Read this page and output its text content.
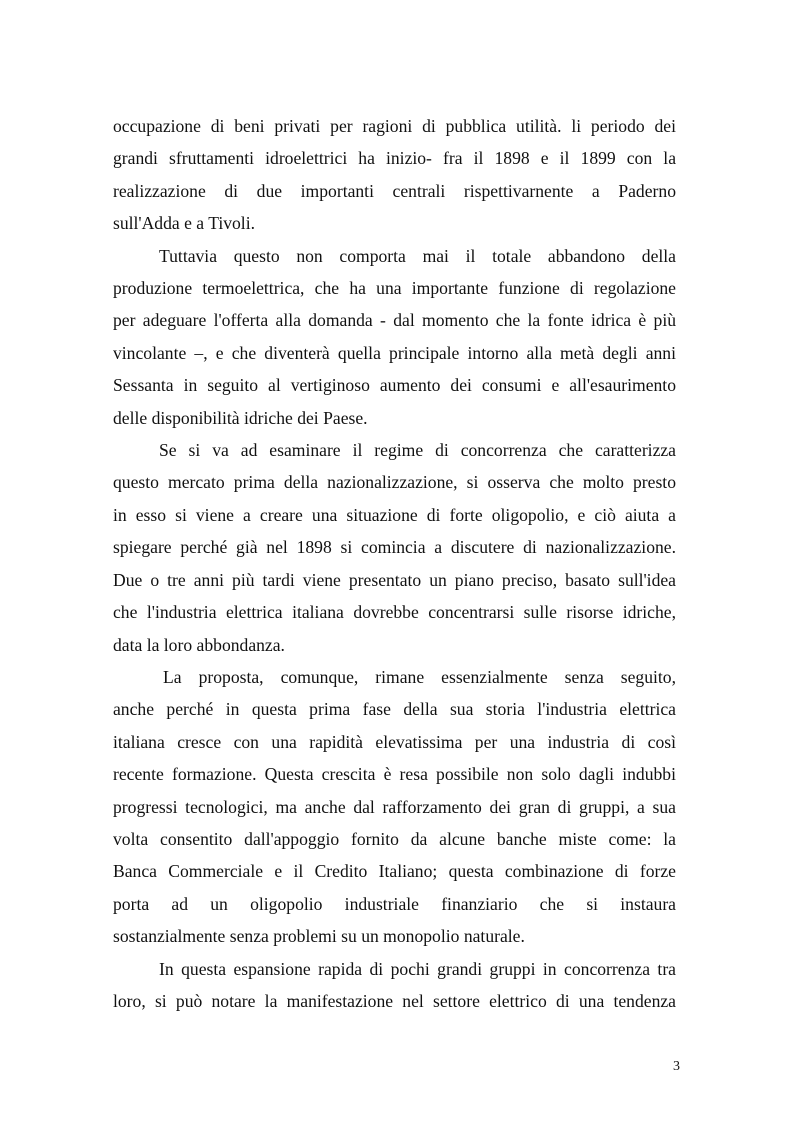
occupazione di beni privati per ragioni di pubblica utilità. li periodo dei
grandi sfruttamenti idroelettrici ha inizio- fra il 1898 e il 1899 con la
realizzazione di due importanti centrali rispettivarnente a Paderno
sull'Adda e a Tivoli.

Tuttavia questo non comporta mai il totale abbandono della
produzione termoelettrica, che ha una importante funzione di regolazione
per adeguare l'offerta alla domanda - dal momento che la fonte idrica è più
vincolante –, e che diventerà quella principale intorno alla metà degli anni
Sessanta in seguito al vertiginoso aumento dei consumi e all'esaurimento
delle disponibilità idriche dei Paese.

Se si va ad esaminare il regime di concorrenza che caratterizza
questo mercato prima della nazionalizzazione, si osserva che molto presto
in esso si viene a creare una situazione di forte oligopolio, e ciò aiuta a
spiegare perché già nel 1898 si comincia a discutere di nazionalizzazione.
Due o tre anni più tardi viene presentato un piano preciso, basato sull'idea
che l'industria elettrica italiana dovrebbe concentrarsi sulle risorse idriche,
data la loro abbondanza.

La proposta, comunque, rimane essenzialmente senza seguito,
anche perché in questa prima fase della sua storia l'industria elettrica
italiana cresce con una rapidità elevatissima per una industria di così
recente formazione. Questa crescita è resa possibile non solo dagli indubbi
progressi tecnologici, ma anche dal rafforzamento dei gran di gruppi, a sua
volta consentito dall'appoggio fornito da alcune banche miste come: la
Banca Commerciale e il Credito Italiano; questa combinazione di forze
porta ad un oligopolio industriale finanziario che si instaura
sostanzialmente senza problemi su un monopolio naturale.

In questa espansione rapida di pochi grandi gruppi in concorrenza tra
loro, si può notare la manifestazione nel settore elettrico di una tendenza

3
